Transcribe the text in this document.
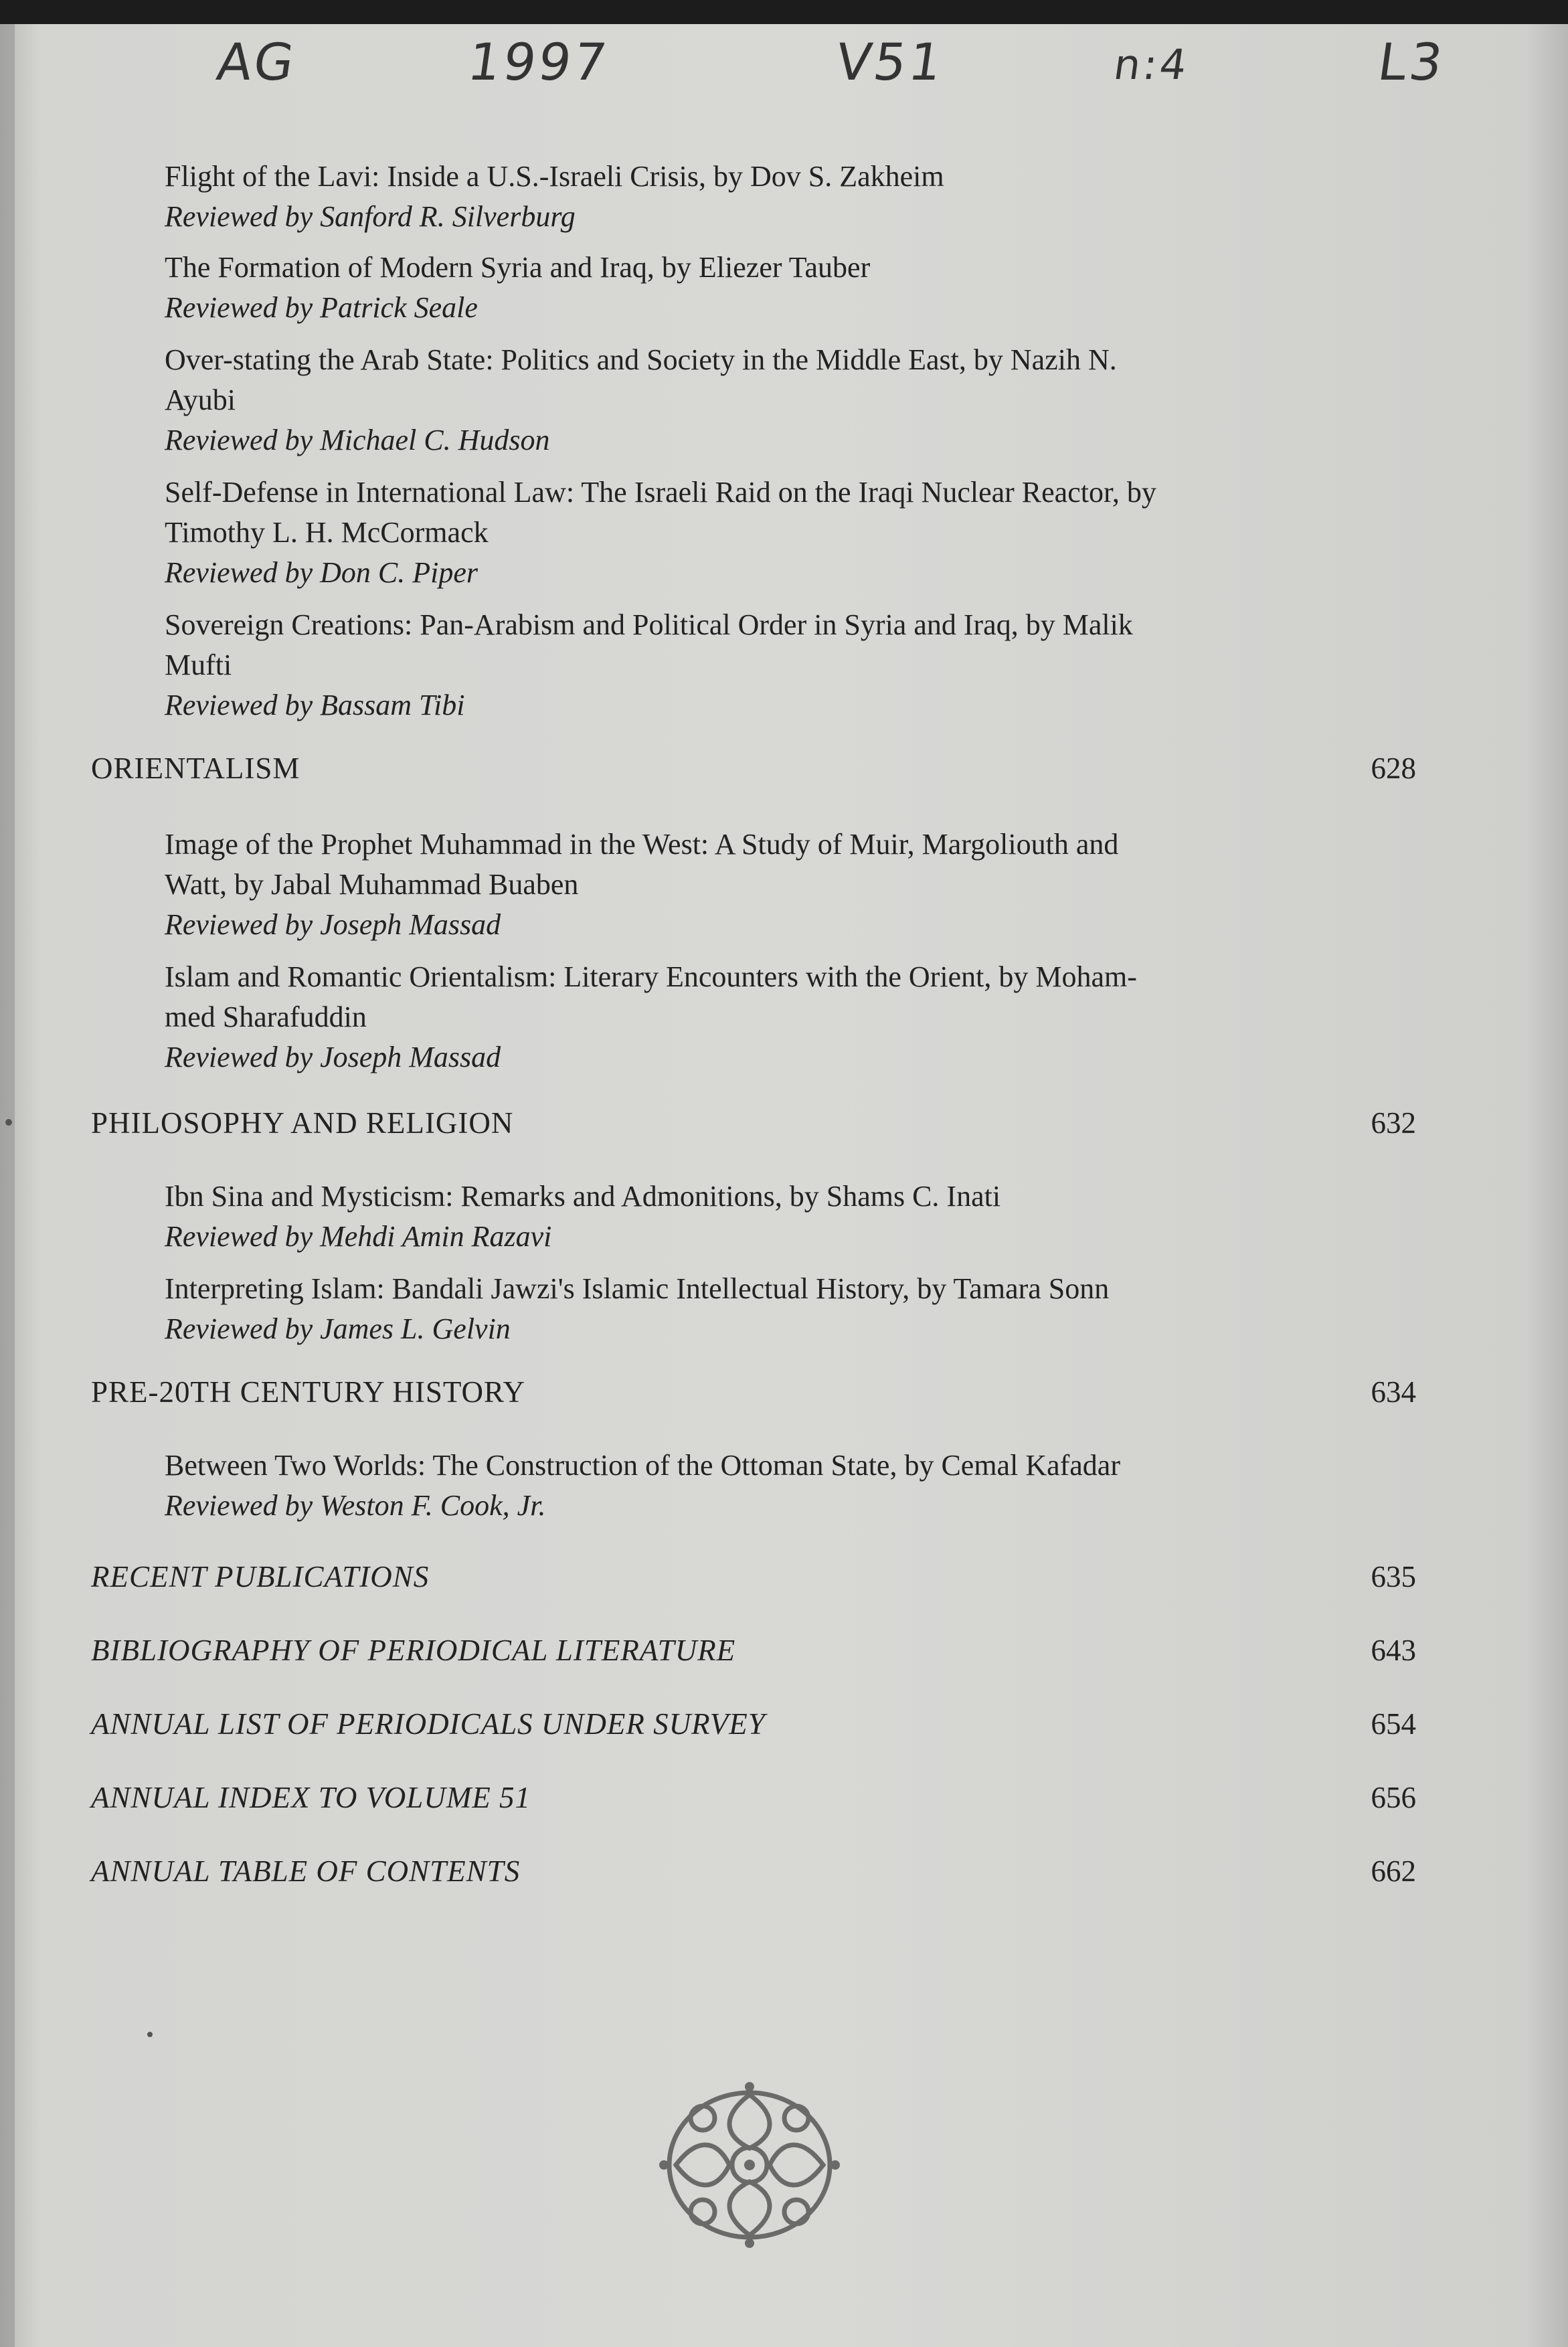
AG	1997	V51	n:4	L3
Flight of the Lavi: Inside a U.S.-Israeli Crisis, by Dov S. Zakheim
Reviewed by Sanford R. Silverburg
The Formation of Modern Syria and Iraq, by Eliezer Tauber
Reviewed by Patrick Seale
Over-stating the Arab State: Politics and Society in the Middle East, by Nazih N.
Ayubi
Reviewed by Michael C. Hudson
Self-Defense in International Law: The Israeli Raid on the Iraqi Nuclear Reactor, by
Timothy L. H. McCormack
Reviewed by Don C. Piper
Sovereign Creations: Pan-Arabism and Political Order in Syria and Iraq, by Malik
Mufti
Reviewed by Bassam Tibi
ORIENTALISM	628
Image of the Prophet Muhammad in the West: A Study of Muir, Margoliouth and
Watt, by Jabal Muhammad Buaben
Reviewed by Joseph Massad
Islam and Romantic Orientalism: Literary Encounters with the Orient, by Moham-
med Sharafuddin
Reviewed by Joseph Massad
PHILOSOPHY AND RELIGION	632
Ibn Sina and Mysticism: Remarks and Admonitions, by Shams C. Inati
Reviewed by Mehdi Amin Razavi
Interpreting Islam: Bandali Jawzi's Islamic Intellectual History, by Tamara Sonn
Reviewed by James L. Gelvin
PRE-20TH CENTURY HISTORY	634
Between Two Worlds: The Construction of the Ottoman State, by Cemal Kafadar
Reviewed by Weston F. Cook, Jr.
RECENT PUBLICATIONS	635
BIBLIOGRAPHY OF PERIODICAL LITERATURE	643
ANNUAL LIST OF PERIODICALS UNDER SURVEY	654
ANNUAL INDEX TO VOLUME 51	656
ANNUAL TABLE OF CONTENTS	662
